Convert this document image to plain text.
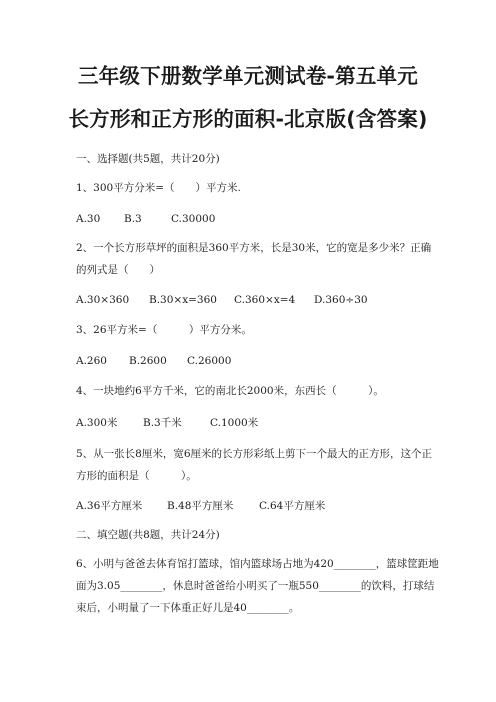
三年级下册数学单元测试卷-第五单元
长方形和正方形的面积-北京版(含答案)
一、选择题(共5题，共计20分)
1、300平方分米=（　　）平方米.
A.30 B.3	C.30000
2、一个长方形草坪的面积是360平方米，长是30米，它的宽是多少米？正确
的列式是（　　）
A.30×360 B.30×x=360 C.360×x=4 D.360÷30
3、26平方米=（　　　）平方分米。
A.260 B.2600 C.26000
4、一块地约6平方千米，它的南北长2000米，东西长（　　　）。
A.300米 B.3千米	C.1000米
5、从一张长8厘米，宽6厘米的长方形彩纸上剪下一个最大的正方形，这个正
方形的面积是（　　　）。
A.36平方厘米 B.48平方厘米 C.64平方厘米
二、填空题(共8题，共计24分)
6、小明与爸爸去体育馆打篮球，馆内篮球场占地为420________，篮球筐距地
面为3.05________，休息时爸爸给小明买了一瓶550________的饮料，打球结
束后，小明量了一下体重正好儿是40________。
